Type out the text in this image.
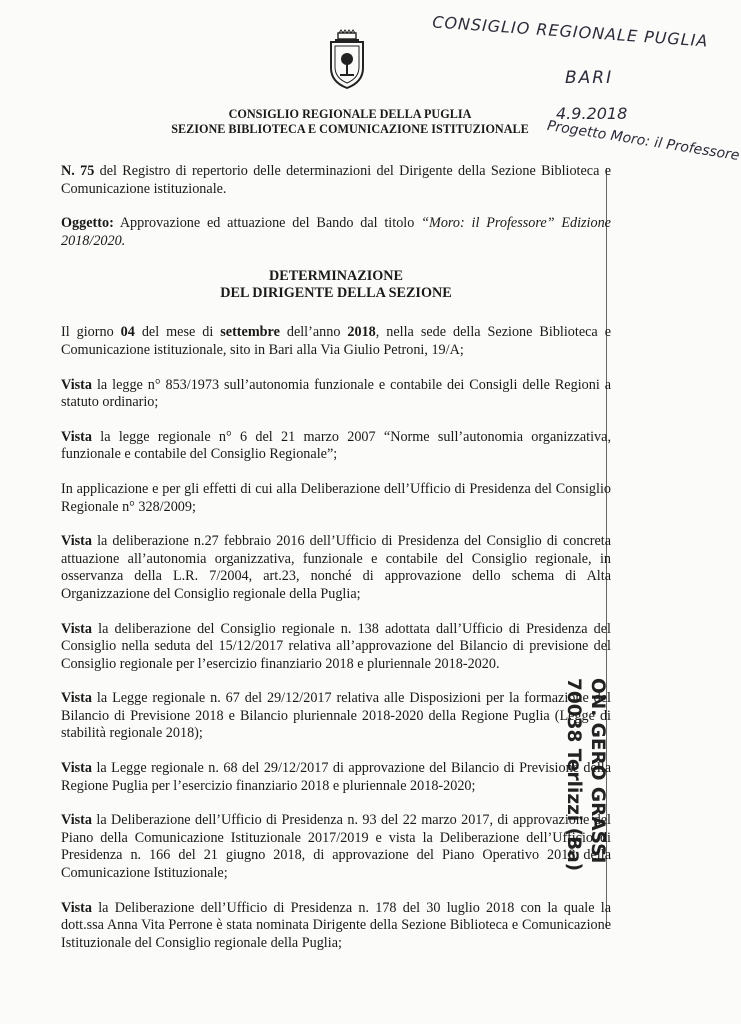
CONSIGLIO REGIONALE DELLA PUGLIA
SEZIONE BIBLIOTECA E COMUNICAZIONE ISTITUZIONALE
CONSIGLIO REGIONALE PUGLIA
BARI
4.9.2018
Progetto Moro: il Professore
ON. GERO GRASSI
70038 Terlizzi (Ba)

N. 75 del Registro di repertorio delle determinazioni del Dirigente della Sezione Biblioteca e Comunicazione istituzionale.

Oggetto: Approvazione ed attuazione del Bando dal titolo “Moro: il Professore” Edizione 2018/2020.

DETERMINAZIONE
DEL DIRIGENTE DELLA SEZIONE

Il giorno 04 del mese di settembre dell’anno 2018, nella sede della Sezione Biblioteca e Comunicazione istituzionale, sito in Bari alla Via Giulio Petroni, 19/A;

Vista la legge n° 853/1973 sull’autonomia funzionale e contabile dei Consigli delle Regioni a statuto ordinario;

Vista la legge regionale n° 6 del 21 marzo 2007 “Norme sull’autonomia organizzativa, funzionale e contabile del Consiglio Regionale”;

In applicazione e per gli effetti di cui alla Deliberazione dell’Ufficio di Presidenza del Consiglio Regionale n° 328/2009;

Vista la deliberazione n.27 febbraio 2016 dell’Ufficio di Presidenza del Consiglio di concreta attuazione all’autonomia organizzativa, funzionale e contabile del Consiglio regionale, in osservanza della L.R. 7/2004, art.23, nonché di approvazione dello schema di Alta Organizzazione del Consiglio regionale della Puglia;

Vista la deliberazione del Consiglio regionale n. 138 adottata dall’Ufficio di Presidenza del Consiglio nella seduta del 15/12/2017 relativa all’approvazione del Bilancio di previsione del Consiglio regionale per l’esercizio finanziario 2018 e pluriennale 2018-2020.

Vista la Legge regionale n. 67 del 29/12/2017 relativa alle Disposizioni per la formazione del Bilancio di Previsione 2018 e Bilancio pluriennale 2018-2020 della Regione Puglia (Legge di stabilità regionale 2018);

Vista la Legge regionale n. 68 del 29/12/2017 di approvazione del Bilancio di Previsione della Regione Puglia per l’esercizio finanziario 2018 e pluriennale 2018-2020;

Vista la Deliberazione dell’Ufficio di Presidenza n. 93 del 22 marzo 2017, di approvazione del Piano della Comunicazione Istituzionale 2017/2019 e vista la Deliberazione dell’Ufficio di Presidenza n. 166 del 21 giugno 2018, di approvazione del Piano Operativo 2018 della Comunicazione Istituzionale;

Vista la Deliberazione dell’Ufficio di Presidenza n. 178 del 30 luglio 2018 con la quale la dott.ssa Anna Vita Perrone è stata nominata Dirigente della Sezione Biblioteca e Comunicazione Istituzionale del Consiglio regionale della Puglia;
